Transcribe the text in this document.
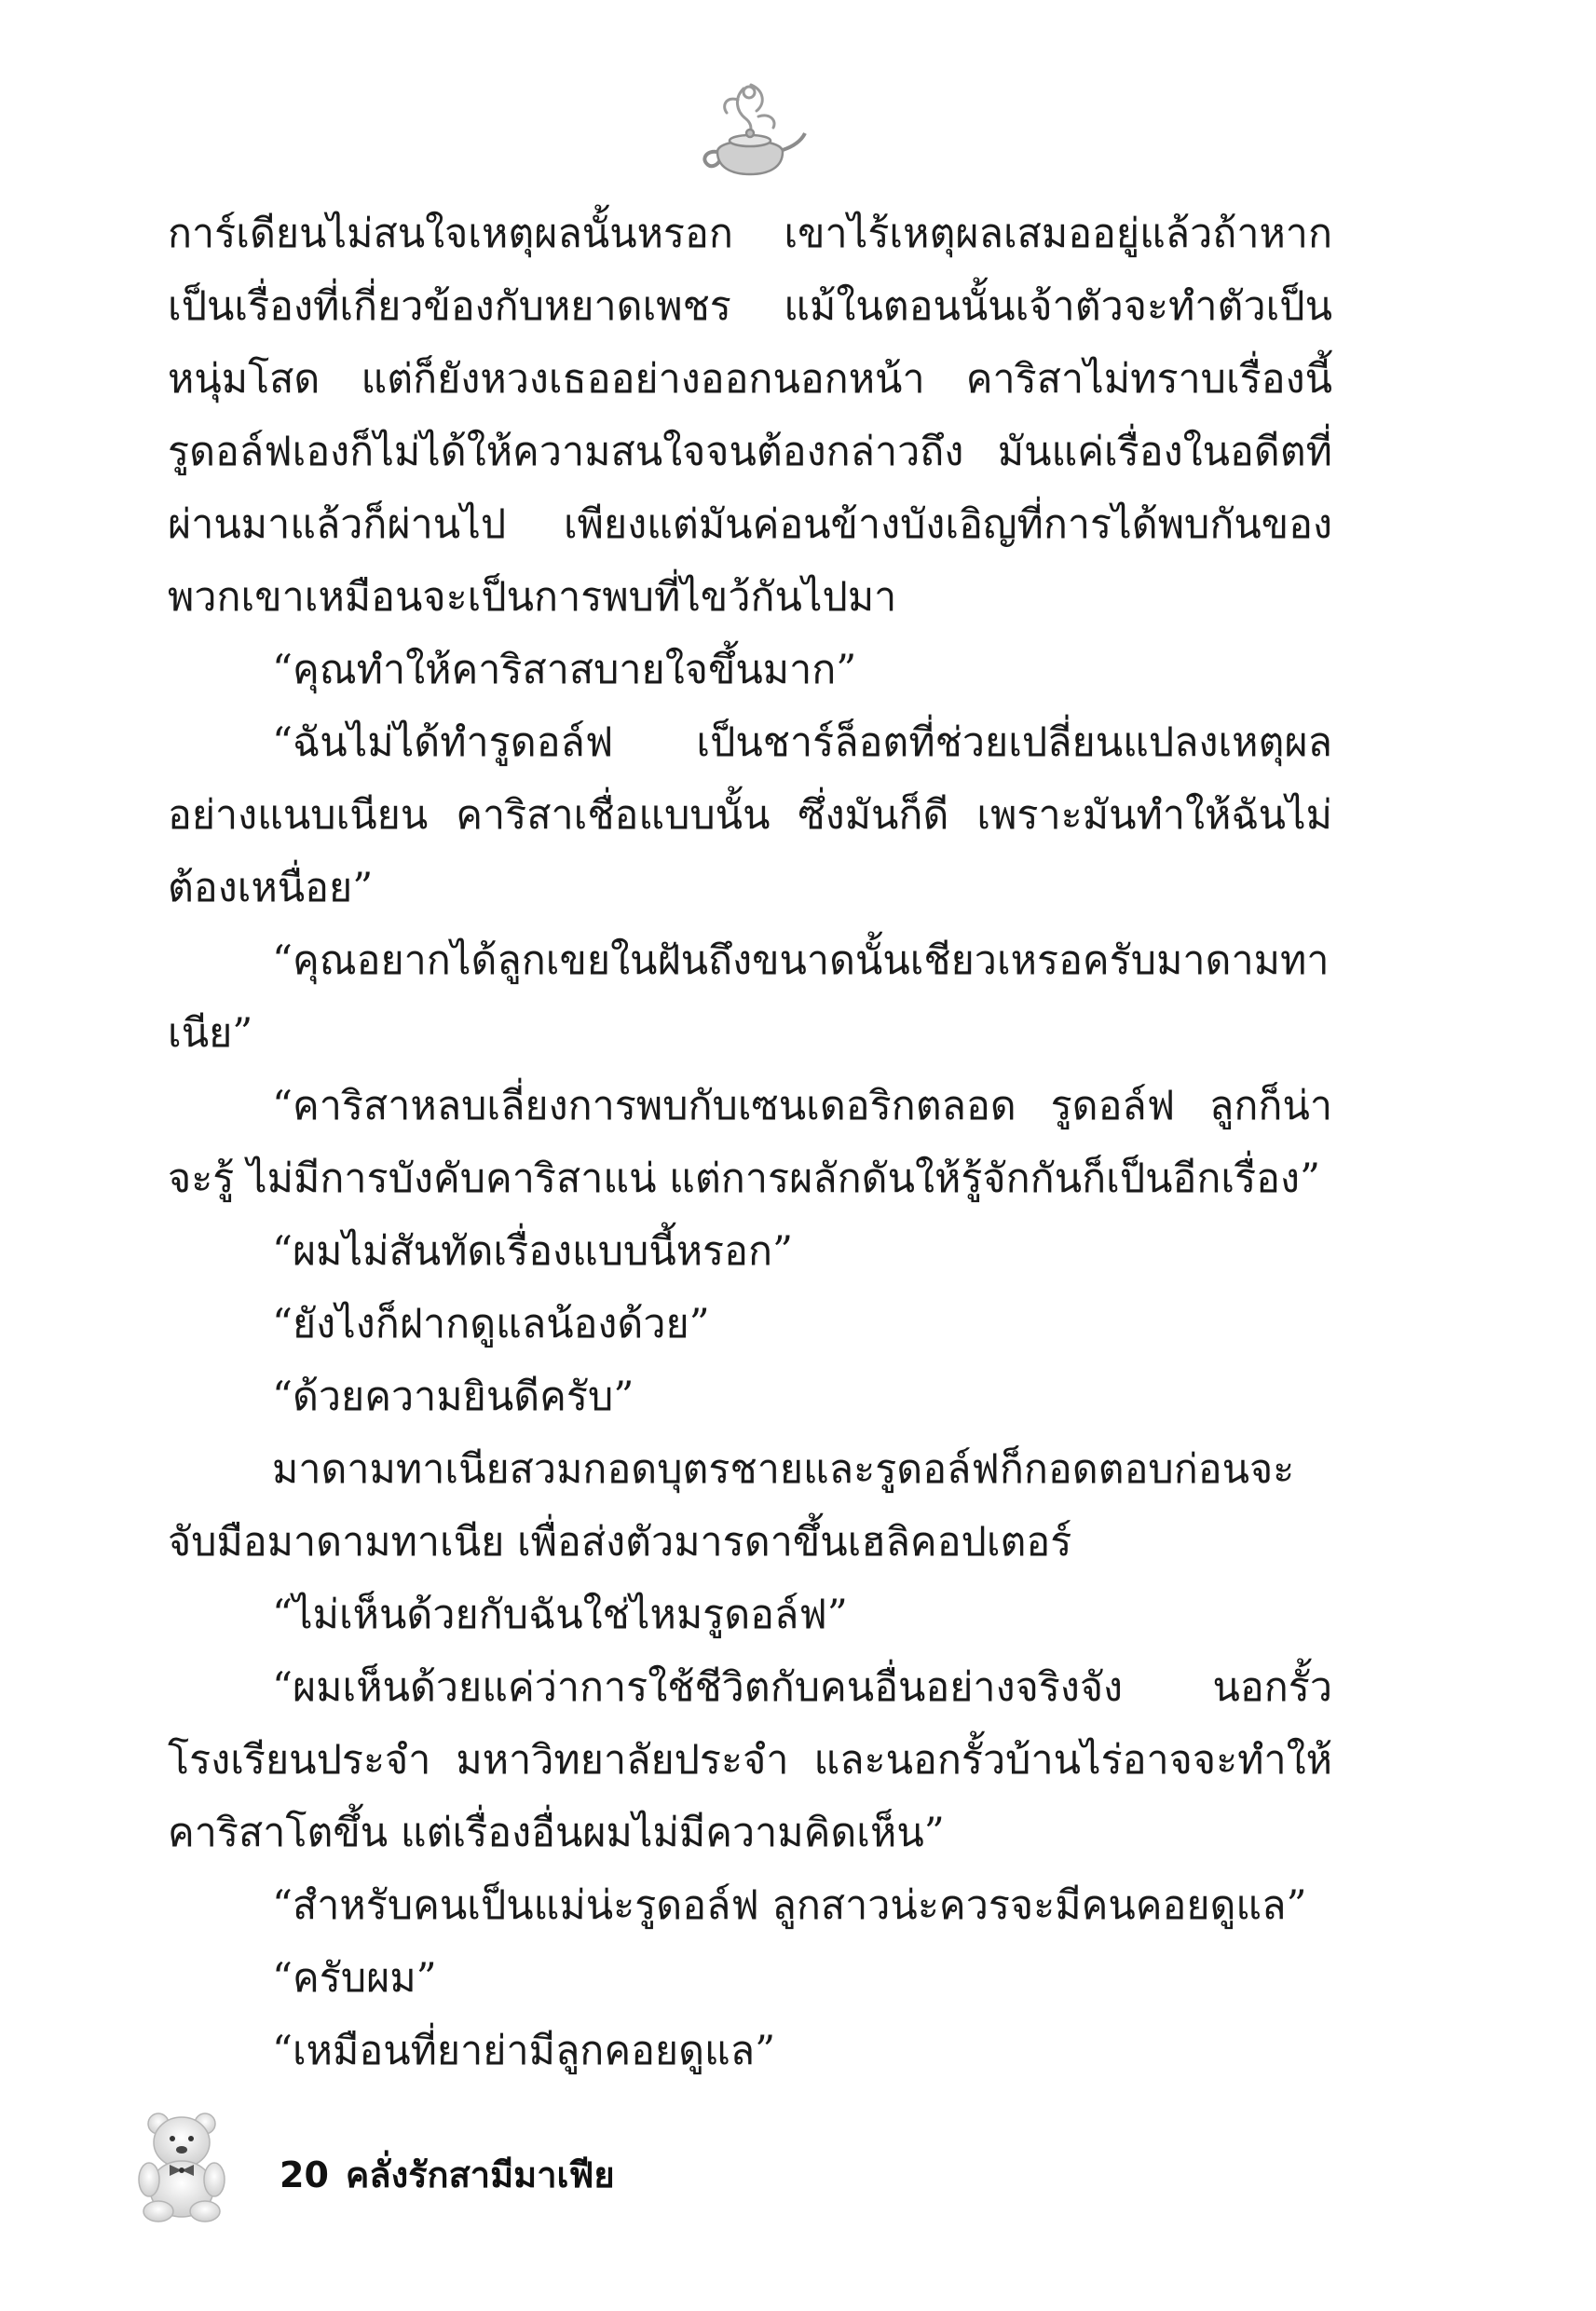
การ์เดียนไม่สนใจเหตุผลนั้นหรอก เขาไร้เหตุผลเสมออยู่แล้วถ้าหากเป็นเรื่องที่เกี่ยวข้องกับหยาดเพชร แม้ในตอนนั้นเจ้าตัวจะทำตัวเป็นหนุ่มโสด แต่ก็ยังหวงเธออย่างออกนอกหน้า คาริสาไม่ทราบเรื่องนี้ รูดอล์ฟเองก็ไม่ได้ให้ความสนใจจนต้องกล่าวถึง มันแค่เรื่องในอดีตที่ผ่านมาแล้วก็ผ่านไป เพียงแต่มันค่อนข้างบังเอิญที่การได้พบกันของพวกเขาเหมือนจะเป็นการพบที่ไขว้กันไปมา

“คุณทำให้คาริสาสบายใจขึ้นมาก”

“ฉันไม่ได้ทำรูดอล์ฟ เป็นชาร์ล็อตที่ช่วยเปลี่ยนแปลงเหตุผลอย่างแนบเนียน คาริสาเชื่อแบบนั้น ซึ่งมันก็ดี เพราะมันทำให้ฉันไม่ต้องเหนื่อย”

“คุณอยากได้ลูกเขยในฝันถึงขนาดนั้นเชียวเหรอครับมาดามทาเนีย”

“คาริสาหลบเลี่ยงการพบกับเซนเดอริกตลอด รูดอล์ฟ ลูกก็น่าจะรู้ ไม่มีการบังคับคาริสาแน่ แต่การผลักดันให้รู้จักกันก็เป็นอีกเรื่อง”

“ผมไม่สันทัดเรื่องแบบนี้หรอก”

“ยังไงก็ฝากดูแลน้องด้วย”

“ด้วยความยินดีครับ”

มาดามทาเนียสวมกอดบุตรชายและรูดอล์ฟก็กอดตอบก่อนจะจับมือมาดามทาเนีย เพื่อส่งตัวมารดาขึ้นเฮลิคอปเตอร์

“ไม่เห็นด้วยกับฉันใช่ไหมรูดอล์ฟ”

“ผมเห็นด้วยแค่ว่าการใช้ชีวิตกับคนอื่นอย่างจริงจัง นอกรั้วโรงเรียนประจำ มหาวิทยาลัยประจำ และนอกรั้วบ้านไร่อาจจะทำให้คาริสาโตขึ้น แต่เรื่องอื่นผมไม่มีความคิดเห็น”

“สำหรับคนเป็นแม่น่ะรูดอล์ฟ ลูกสาวน่ะควรจะมีคนคอยดูแล”

“ครับผม”

“เหมือนที่ยาย่ามีลูกคอยดูแล”

20 คลั่งรักสามีมาเฟีย
